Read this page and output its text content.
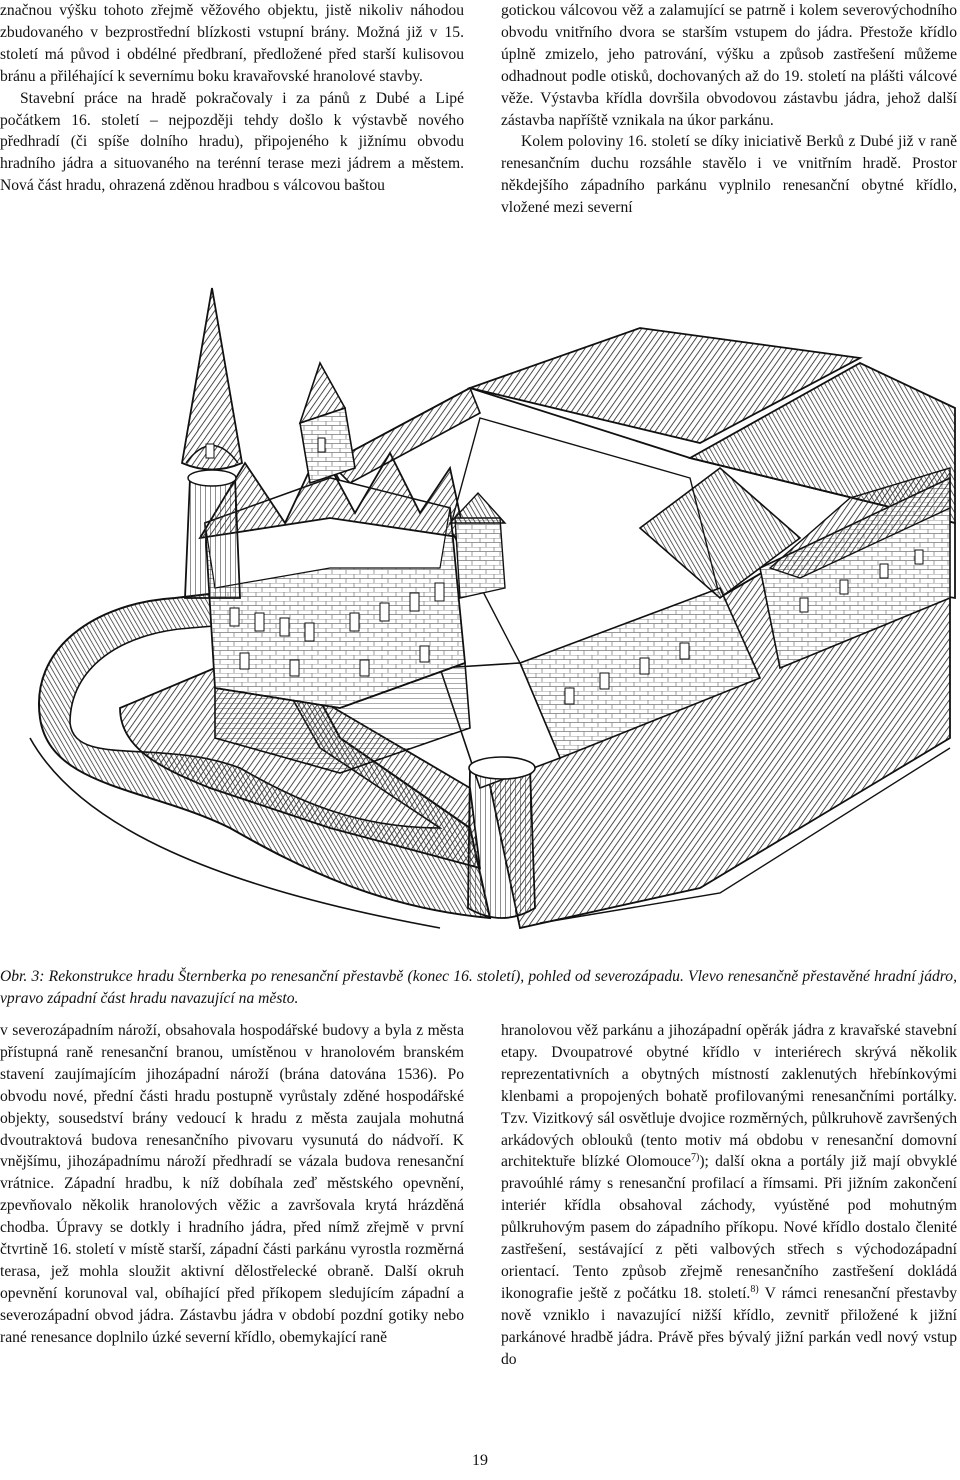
značnou výšku tohoto zřejmě věžového objektu, jistě nikoliv náhodou zbudovaného v bezprostřední blízkosti vstupní brány. Možná již v 15. století má původ i obdélné předbraní, předložené před starší kulisovou bránu a přiléhající k severnímu boku kravařovské hranolové stavby.

Stavební práce na hradě pokračovaly i za pánů z Dubé a Lipé počátkem 16. století – nejpozději tehdy došlo k výstavbě nového předhradí (či spíše dolního hradu), připojeného k jižnímu obvodu hradního jádra a situovaného na terénní terase mezi jádrem a městem. Nová část hradu, ohrazená zděnou hradbou s válcovou baštou

gotickou válcovou věž a zalamující se patrně i kolem severovýchodního obvodu vnitřního dvora se starším vstupem do jádra. Přestože křídlo úplně zmizelo, jeho patrování, výšku a způsob zastřešení můžeme odhadnout podle otisků, dochovaných až do 19. století na plášti válcové věže. Výstavba křídla dovršila obvodovou zástavbu jádra, jehož další zástavba napříště vznikala na úkor parkánu.

Kolem poloviny 16. století se díky iniciativě Berků z Dubé již v raně renesančním duchu rozsáhle stavělo i ve vnitřním hradě. Prostor někdejšího západního parkánu vyplnilo renesanční obytné křídlo, vložené mezi severní

Obr. 3: Rekonstrukce hradu Šternberka po renesanční přestavbě (konec 16. století), pohled od severozápadu. Vlevo renesančně přestavěné hradní jádro, vpravo západní část hradu navazující na město.

v severozápadním nároží, obsahovala hospodářské budovy a byla z města přístupná raně renesanční branou, umístěnou v hranolovém branském stavení zaujímajícím jihozápadní nároží (brána datována 1536). Po obvodu nové, přední části hradu postupně vyrůstaly zděné hospodářské objekty, sousedství brány vedoucí k hradu z města zaujala mohutná dvoutraktová budova renesančního pivovaru vysunutá do nádvoří. K vnějšímu, jihozápadnímu nároží předhradí se vázala budova renesanční vrátnice. Západní hradbu, k níž dobíhala zeď městského opevnění, zpevňovalo několik hranolových věžic a završovala krytá hrázděná chodba. Úpravy se dotkly i hradního jádra, před nímž zřejmě v první čtvrtině 16. století v místě starší, západní části parkánu vyrostla rozměrná terasa, jež mohla sloužit aktivní dělostřelecké obraně. Další okruh opevnění korunoval val, obíhající před příkopem sledujícím západní a severozápadní obvod jádra. Zástavbu jádra v období pozdní gotiky nebo rané renesance doplnilo úzké severní křídlo, obemykající raně

hranolovou věž parkánu a jihozápadní opěrák jádra z kravařské stavební etapy. Dvoupatrové obytné křídlo v interiérech skrývá několik reprezentativních a obytných místností zaklenutých hřebínkovými klenbami a propojených bohatě profilovanými renesančními portálky. Tzv. Vizitkový sál osvětluje dvojice rozměrných, půlkruhově završených arkádových oblouků (tento motiv má obdobu v renesanční domovní architektuře blízké Olomouce$^{7)}$); další okna a portály již mají obvyklé pravoúhlé rámy s renesanční profilací a římsami. Při jižním zakončení interiér křídla obsahoval záchody, vyústěné pod mohutným půlkruhovým pasem do západního příkopu. Nové křídlo dostalo členité zastřešení, sestávající z pěti valbových střech s východozápadní orientací. Tento způsob zřejmě renesančního zastřešení dokládá ikonografie ještě z počátku 18. století.$^{8)}$ V rámci renesanční přestavby nově vzniklo i navazující nižší křídlo, zevnitř přiložené k jižní parkánové hradbě jádra. Právě přes bývalý jižní parkán vedl nový vstup do

19
